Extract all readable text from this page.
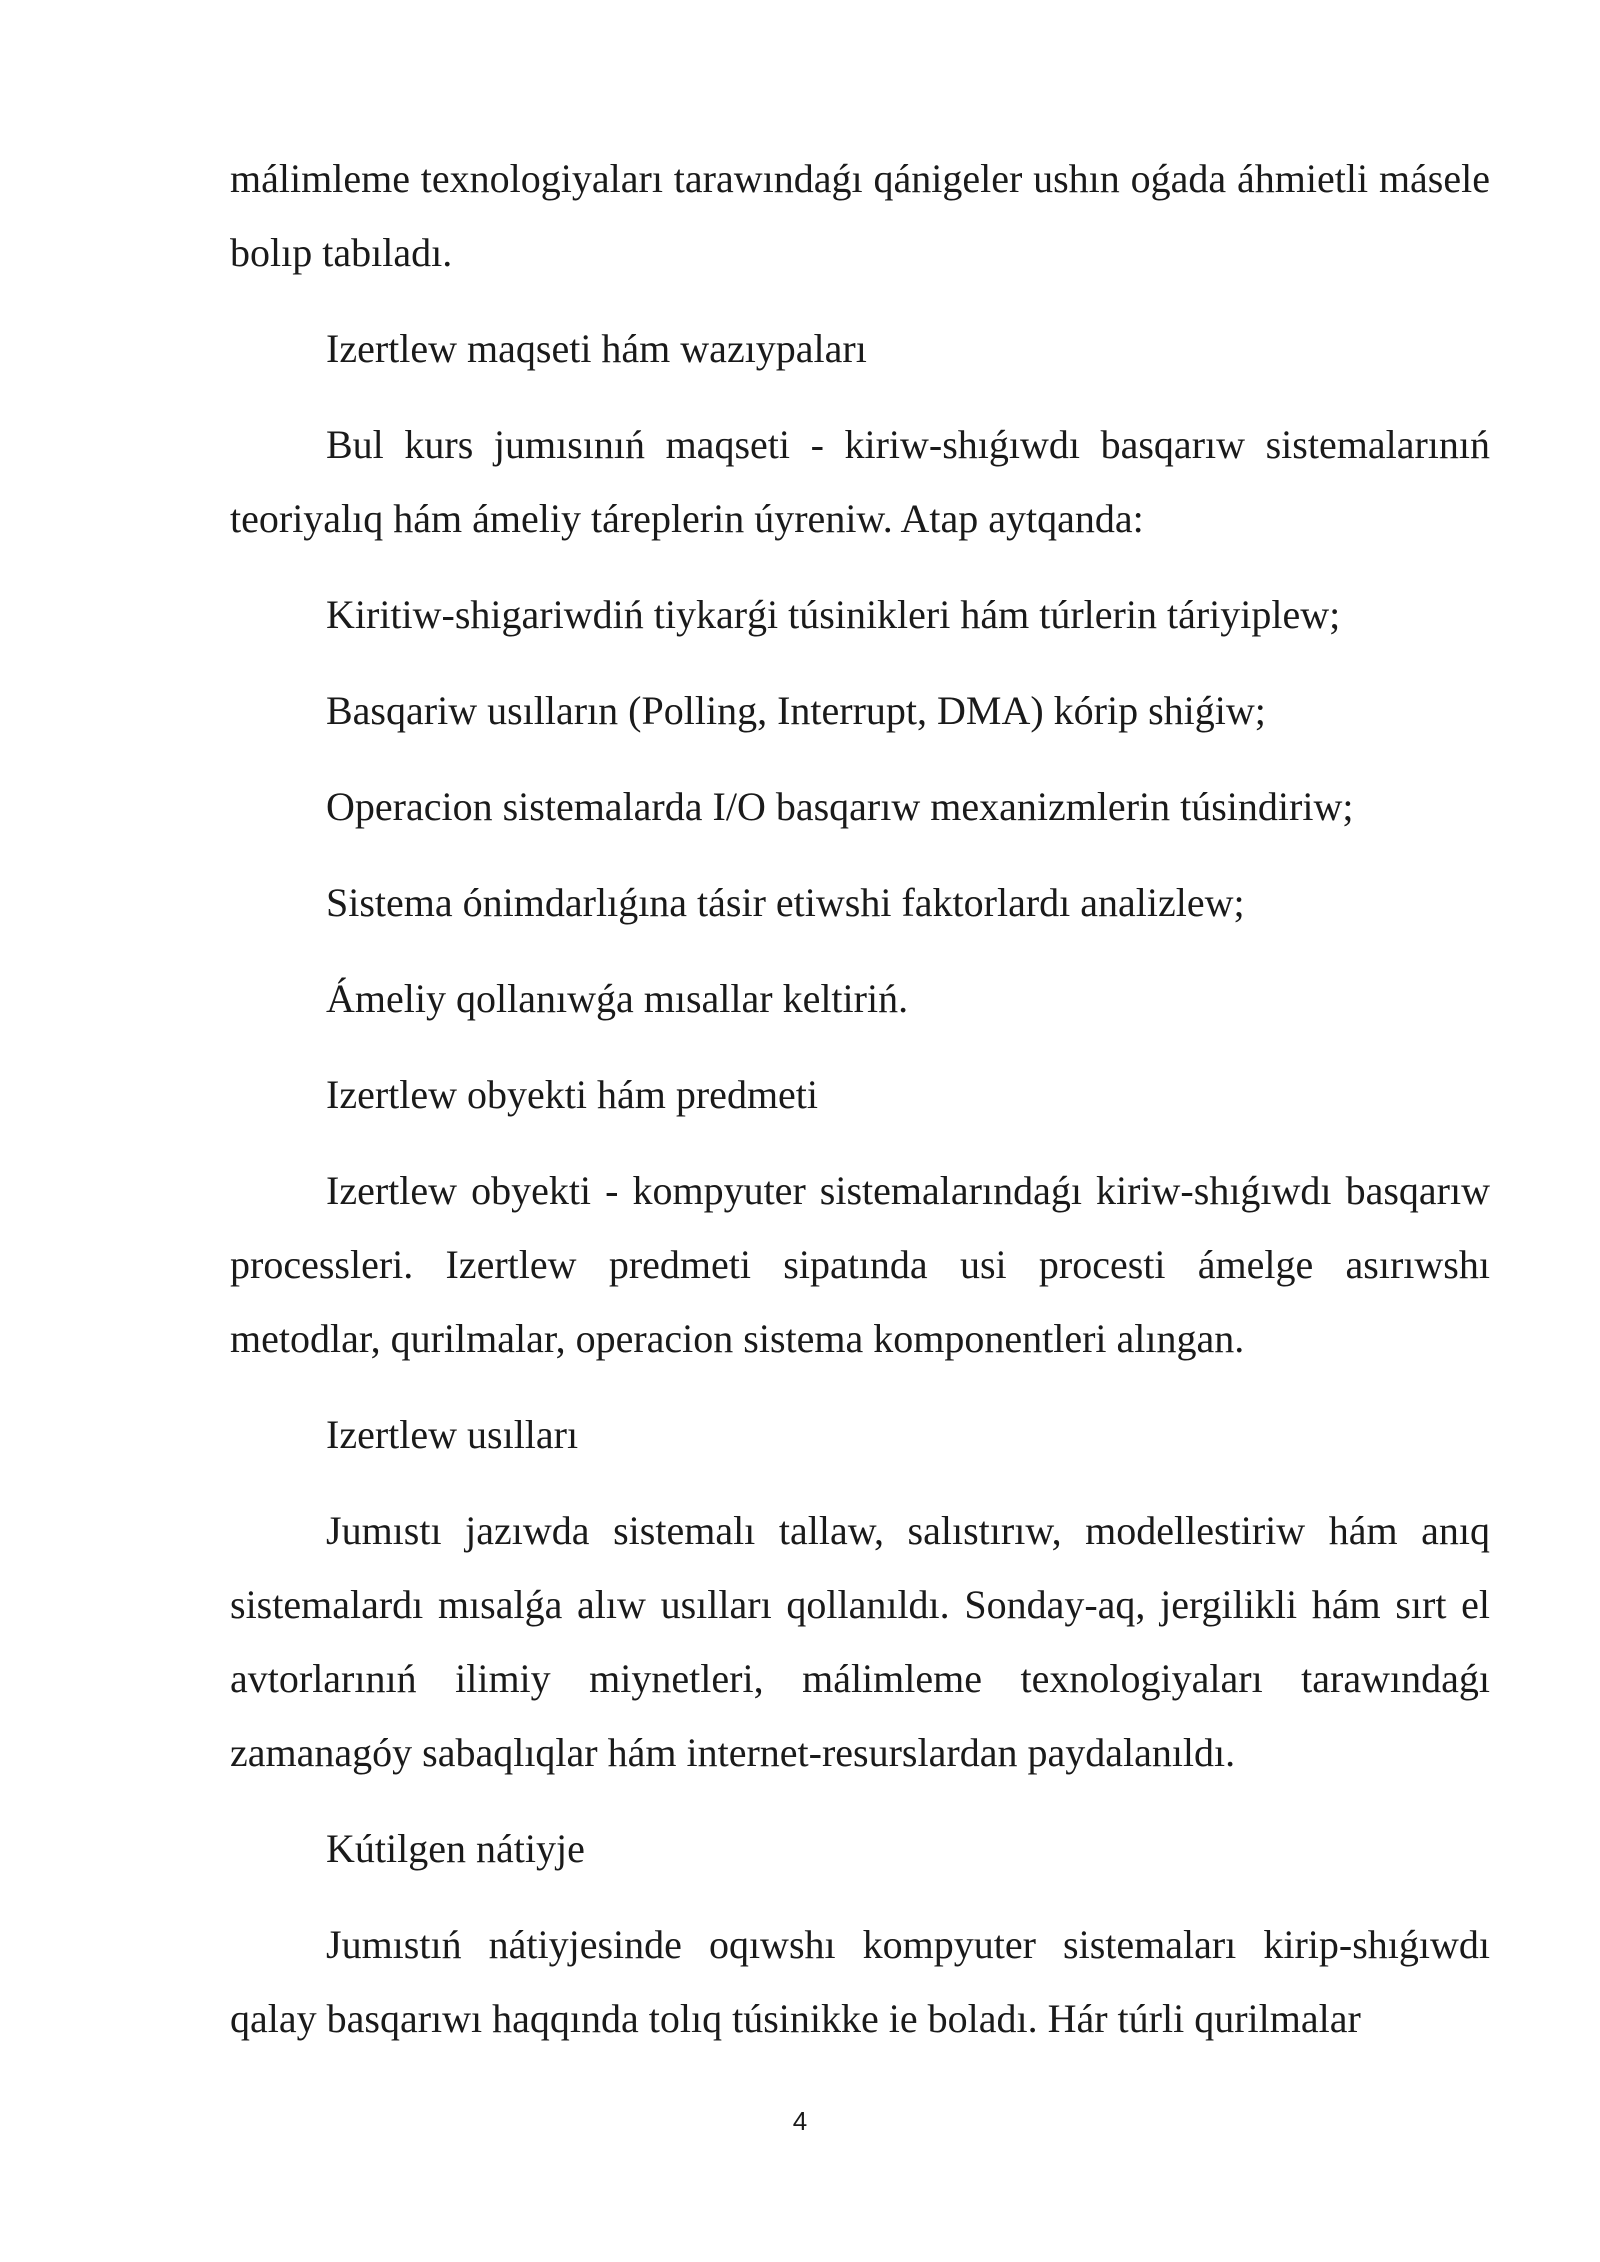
málimleme texnologiyaları tarawındaǵı qánigeler ushın oǵada áhmietli másele bolıp tabıladı.

Izertlew maqseti hám wazıypaları

Bul kurs jumısınıń maqseti - kiriw-shıǵıwdı basqarıw sistemalarınıń teoriyalıq hám ámeliy táreplerin úyreniw. Atap aytqanda:

Kiritiw-shigariwdiń tiykarǵi túsinikleri hám túrlerin táriyiplew;

Basqariw usılların (Polling, Interrupt, DMA) kórip shiǵiw;

Operacion sistemalarda I/O basqarıw mexanizmlerin túsindiriw;

Sistema ónimdarlıǵına tásir etiwshi faktorlardı analizlew;

Ámeliy qollanıwǵa mısallar keltiriń.

Izertlew obyekti hám predmeti

Izertlew obyekti - kompyuter sistemalarındaǵı kiriw-shıǵıwdı basqarıw processleri. Izertlew predmeti sipatında usi procesti ámelge asırıwshı metodlar, qurilmalar, operacion sistema komponentleri alıngan.

Izertlew usılları

Jumıstı jazıwda sistemalı tallaw, salıstırıw, modellestiriw hám anıq sistemalardı mısalǵa alıw usılları qollanıldı. Sonday-aq, jergilikli hám sırt el avtorlarınıń ilimiy miynetleri, málimleme texnologiyaları tarawındaǵı zamanagóy sabaqlıqlar hám internet-resurslardan paydalanıldı.

Kútilgen nátiyje

Jumıstıń nátiyjesinde oqıwshı kompyuter sistemaları kirip-shıǵıwdı qalay basqarıwı haqqında tolıq túsinikke ie boladı. Hár túrli qurilmalar

4
